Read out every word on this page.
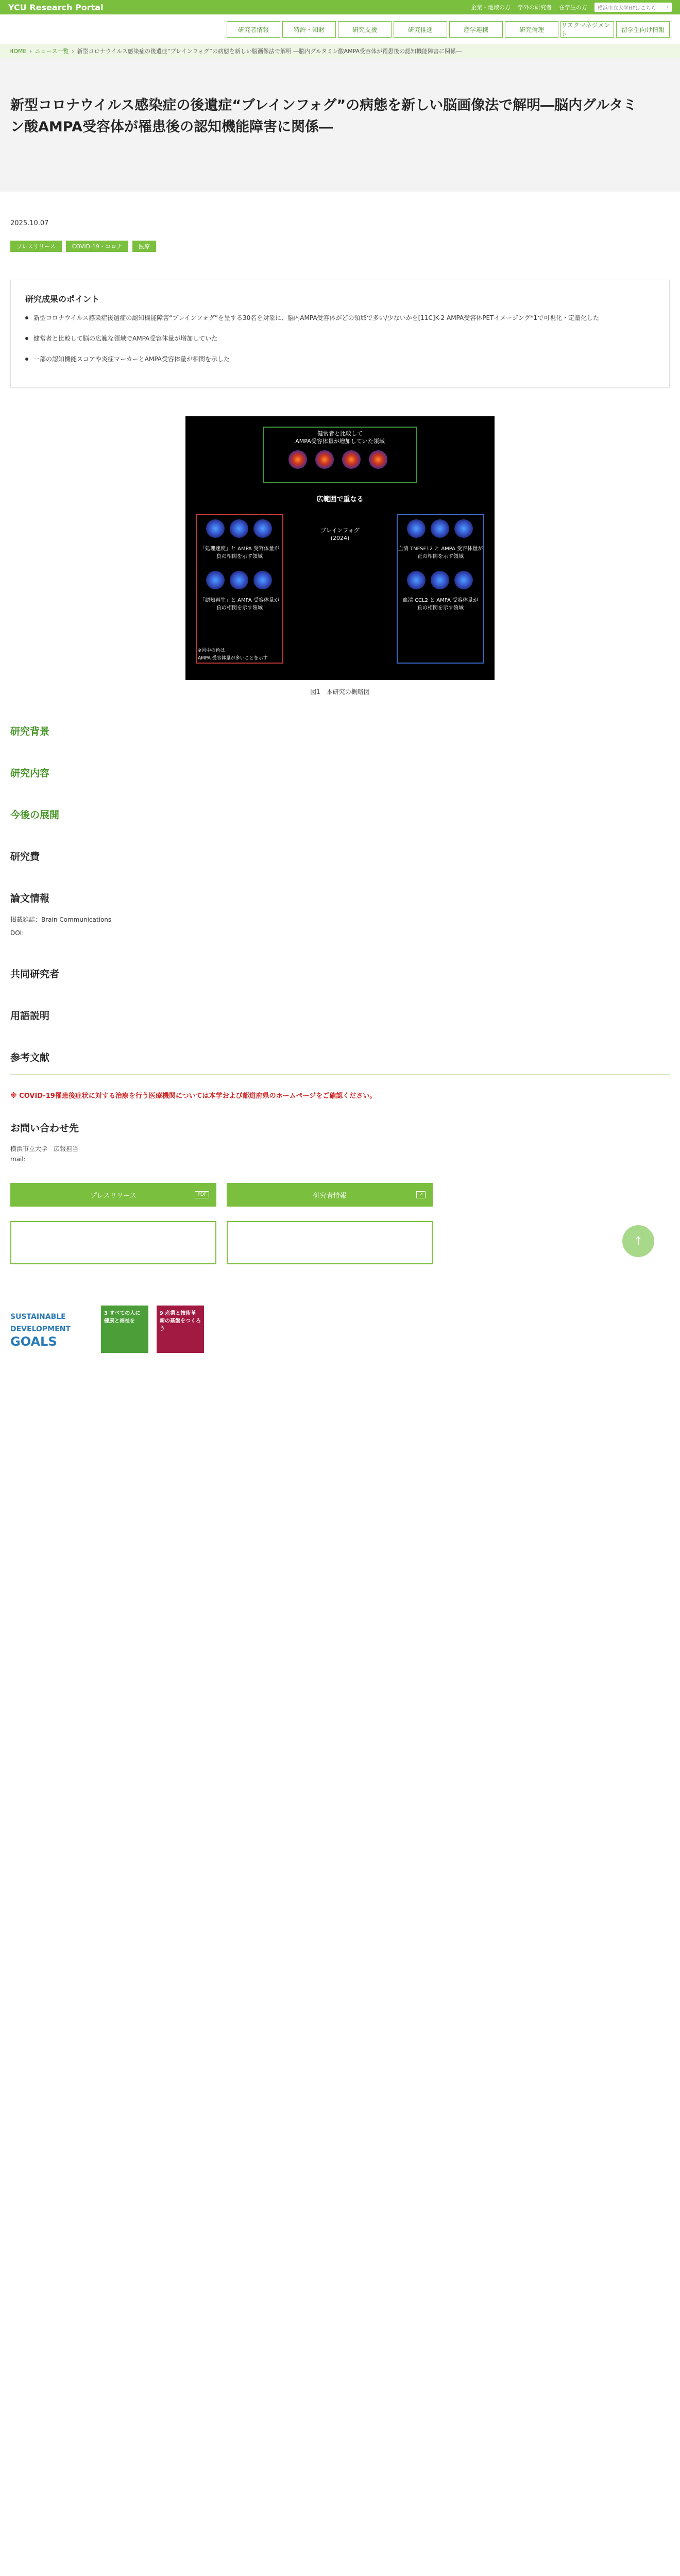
YCU Research Portal	企業・地域の方 学外の研究者 在学生の方 横浜市立大学HPはこちら ›
研究者情報	特許・知財	研究支援	研究推進	産学連携	研究倫理
リスクマネジメント
留学生向け情報
HOME › ニュース一覧 › 新型コロナウイルス感染症の後遺症“ブレインフォグ”の病態を新しい脳画像法で解明 ―脳内グルタミン酸AMPA受容体が罹患後の認知機能障害に関係―
新型コロナウイルス感染症の後遺症“ブレインフォグ”の病態を新しい脳画像法で解明―脳内グルタミン酸AMPA受容体が罹患後の認知機能障害に関係―
2025.10.07
プレスリリース	COVID-19・コロナ	医療

研究成果のポイント
新型コロナウイルス感染症後遺症の認知機能障害“ブレインフォグ”を呈する30名を対象に、脳内AMPA受容体がどの領域で多い/少ないかを[11C]K-2 AMPA受容体PETイメージング*1で可視化・定量化した
健常者と比較して脳の広範な領域でAMPA受容体量が増加していた
一部の認知機能スコアや炎症マーカーとAMPA受容体量が相関を示した
健常者と比較して
AMPA受容体量が増加していた領域
広範囲で重なる
ブレインフォグ
(2024)
「処理速度」と AMPA 受容体量が
負の相関を示す領域
「認知再生」と AMPA 受容体量が
負の相関を示す領域
血清 TNFSF12 と AMPA 受容体量が
正の相関を示す領域
血清 CCL2 と AMPA 受容体量が
負の相関を示す領域
※図中の色は
AMPA 受容体量が多いことを示す
図1　本研究の概略図
研究背景

研究内容

今後の展開

研究費

論文情報

掲載雑誌：Brain Communications

DOI:

共同研究者

用語説明

参考文献

※ COVID-19罹患後症状に対する治療を行う医療機関については本学および都道府県のホームページをご確認ください。
お問い合わせ先

横浜市立大学　広報担当

mail:

プレスリリース	PDF	研究者情報	↗
SUSTAINABLE
DEVELOPMENT
GOALS
3 すべての人に健康と福祉を
9 産業と技術革新の基盤をつくろう
↑
